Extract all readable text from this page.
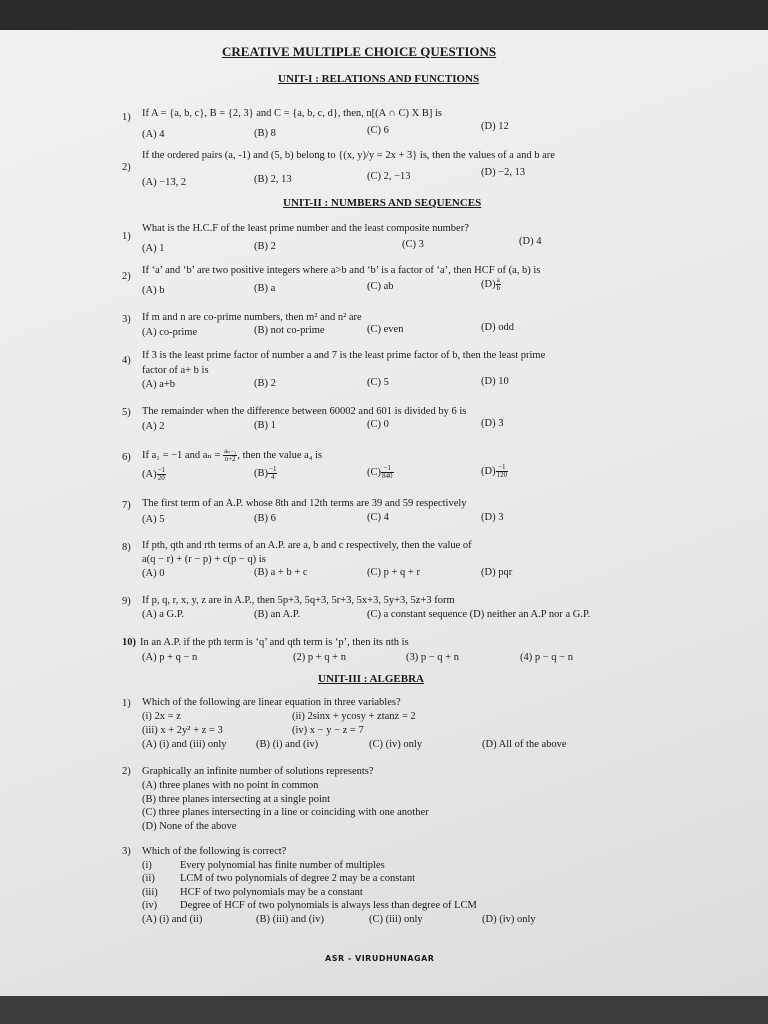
CREATIVE MULTIPLE CHOICE QUESTIONS
UNIT-I : RELATIONS AND FUNCTIONS
1) If A = {a, b, c}, B = {2, 3} and C = {a, b, c, d}, then, n[(A ∩ C) X B] is
(A) 4	(B) 8	(C) 6	(D) 12
2)
If the ordered pairs (a, -1) and (5, b) belong to {(x, y)/y = 2x + 3} is, then the values of a and b are
(A) −13, 2	(B) 2, 13	(C) 2, −13	(D) −2, 13
UNIT-II : NUMBERS AND SEQUENCES
1)
What is the H.C.F of the least prime number and the least composite number?
(A) 1	(B) 2	(C) 3	(D) 4
2)
If ‘a’ and ‘b’ are two positive integers where a>b and ‘b’ is a factor of ‘a’, then HCF of (a, b) is
(A) b	(B) a	(C) ab	$(D) \frac{a}{b}$
3) If m and n are co-prime numbers, then m² and n² are
(A) co-prime	(B) not co-prime	(C) even	(D) odd
4) If 3 is the least prime factor of number a and 7 is the least prime factor of b, then the least prime
factor of a+ b is
(A) a+b	(B) 2	(C) 5	(D) 10
5) The remainder when the difference between 60002 and 601 is divided by 6 is
(A) 2	(B) 1	(C) 0	(D) 3
6) If a₁ = −1 and $a_n = \frac{\text{aₙ₋₁}}{n+2}$ , then the value a₄ is
$(A) \frac{-1}{20}$	$(B) \frac{-1}{4}$	$(C) \frac{-1}{840}$	$(D) \frac{-1}{120}$
7) The first term of an A.P. whose 8th and 12th terms are 39 and 59 respectively
(A) 5	(B) 6	(C) 4	(D) 3
8) If pth, qth and rth terms of an A.P. are a, b and c respectively, then the value of
a(q − r) + (r − p) + c(p − q) is
(A) 0	(B) a + b + c	(C) p + q + r	(D) pqr
9) If p, q, r, x, y, z are in A.P., then 5p+3, 5q+3, 5r+3, 5x+3, 5y+3, 5z+3 form
(A) a G.P.	(B) an A.P.	(C) a constant sequence (D) neither an A.P nor a G.P.
10) In an A.P. if the pth term is ‘q’ and qth term is ‘p’, then its nth is
(A) p + q − n	(2) p + q + n	(3) p − q + n	(4) p − q − n
UNIT-III : ALGEBRA
1) Which of the following are linear equation in three variables?
(i) 2x = z	(ii) 2sinx + ycosy + ztanz = 2
(iii) x + 2y² + z = 3	(iv) x − y − z = 7
(A) (i) and (iii) only	(B) (i) and (iv)	(C) (iv) only	(D) All of the above
2) Graphically an infinite number of solutions represents?
(A) three planes with no point in common
(B) three planes intersecting at a single point
(C) three planes intersecting in a line or coinciding with one another
(D) None of the above
3) Which of the following is correct?
(i)	Every polynomial has finite number of multiples
(ii) LCM of two polynomials of degree 2 may be a constant
(iii) HCF of two polynomials may be a constant
(iv) Degree of HCF of two polynomials is always less than degree of LCM
(A) (i) and (ii)	(B) (iii) and (iv)	(C) (iii) only	(D) (iv) only
ASR - VIRUDHUNAGAR
